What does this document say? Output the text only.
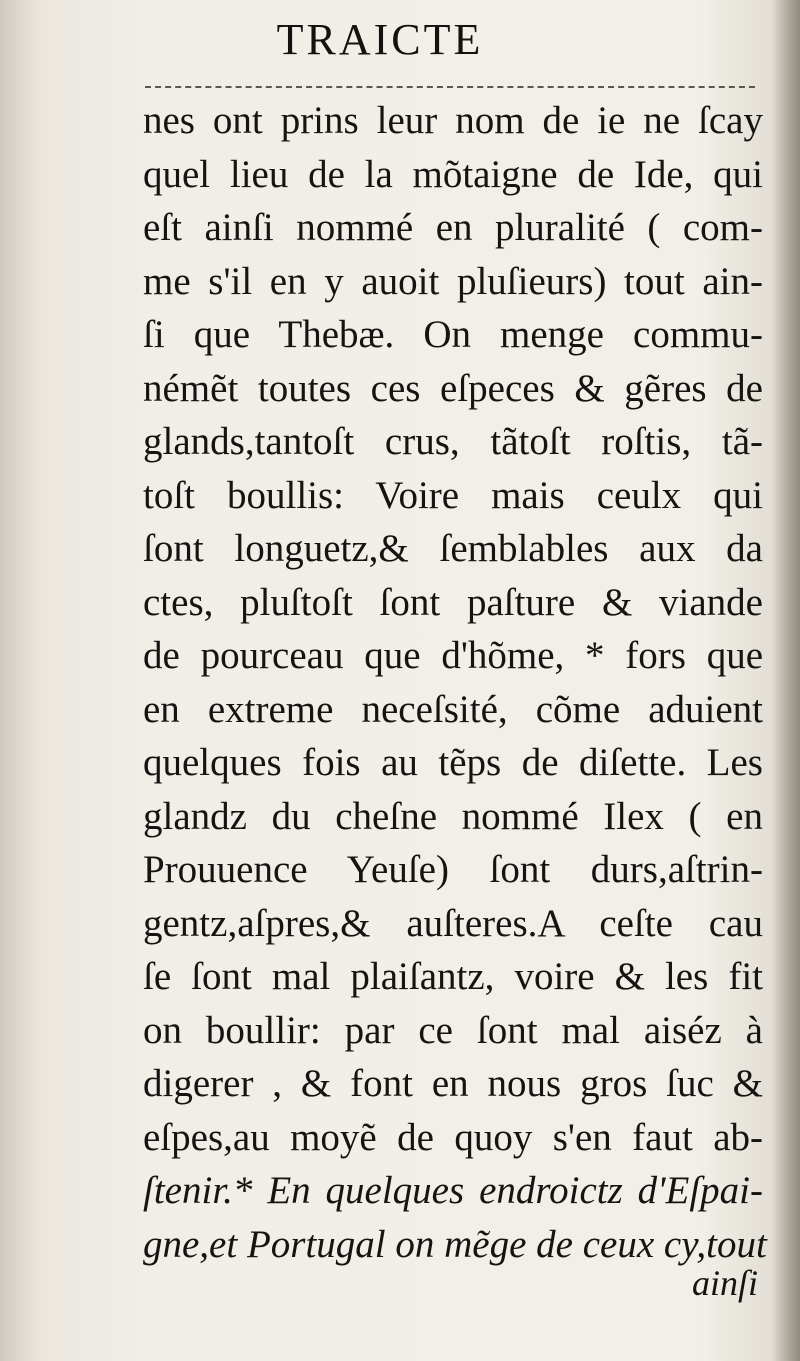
TRAICTE
nes ont prins leur nom de ie ne ſcay
quel lieu de la mõtaigne de Ide, qui
eſt ainſi nommé en pluralité ( com-
me s'il en y auoit pluſieurs) tout ain-
ſi que Thebæ. On menge commu-
némẽt toutes ces eſpeces & gẽres de
glands,tantoſt crus, tãtoſt roſtis, tã-
toſt boullis: Voire mais ceulx qui
ſont longuetz,& ſemblables aux da
ctes, pluſtoſt ſont paſture & viande
de pourceau que d'hõme, * fors que
en extreme neceſsité, cõme aduient
quelques fois au tẽps de diſette. Les
glandz du cheſne nommé Ilex ( en
Prouuence Yeuſe) ſont durs,aſtrin-
gentz,aſpres,& auſteres.A ceſte cau
ſe ſont mal plaiſantz, voire & les fit
on boullir: par ce ſont mal aiséz à
digerer , & font en nous gros ſuc &
eſpes,au moyẽ de quoy s'en faut ab-
ſtenir.* En quelques endroictz d'Eſpai-
gne,et Portugal on mẽge de ceux cy,tout
ainſi
